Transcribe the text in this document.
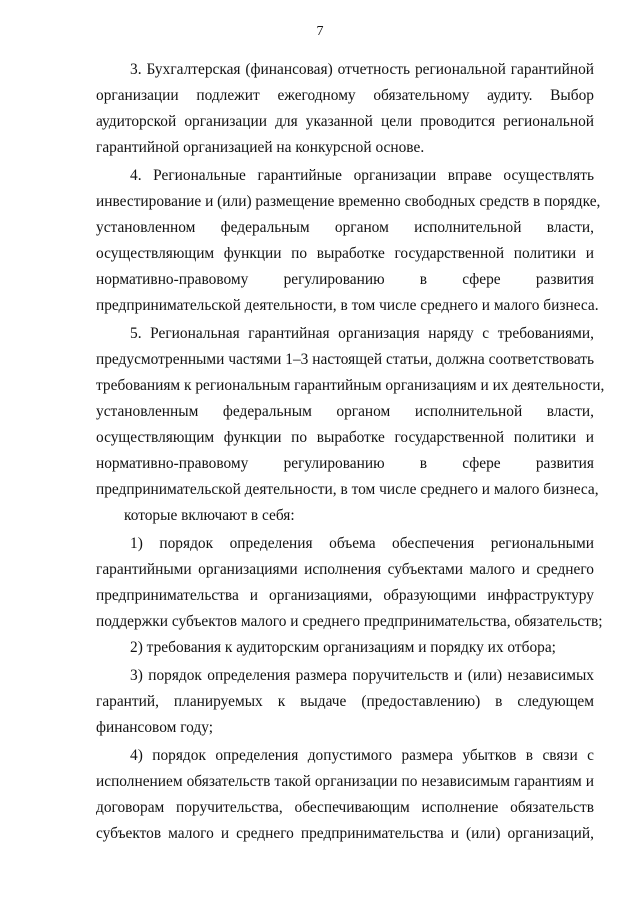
7
3. Бухгалтерская (финансовая) отчетность региональной гарантийной
организации подлежит ежегодному обязательному аудиту. Выбор
аудиторской организации для указанной цели проводится региональной
гарантийной организацией на конкурсной основе.
4. Региональные гарантийные организации вправе осуществлять
инвестирование и (или) размещение временно свободных средств в порядке,
установленном федеральным органом исполнительной власти,
осуществляющим функции по выработке государственной политики и
нормативно-правовому регулированию в сфере развития
предпринимательской деятельности, в том числе среднего и малого бизнеса.
5. Региональная гарантийная организация наряду с требованиями,
предусмотренными частями 1–3 настоящей статьи, должна соответствовать
требованиям к региональным гарантийным организациям и их деятельности,
установленным федеральным органом исполнительной власти,
осуществляющим функции по выработке государственной политики и
нормативно-правовому регулированию в сфере развития
предпринимательской деятельности, в том числе среднего и малого бизнеса,
которые включают в себя:
1) порядок определения объема обеспечения региональными
гарантийными организациями исполнения субъектами малого и среднего
предпринимательства и организациями, образующими инфраструктуру
поддержки субъектов малого и среднего предпринимательства, обязательств;
2) требования к аудиторским организациям и порядку их отбора;
3) порядок определения размера поручительств и (или) независимых
гарантий, планируемых к выдаче (предоставлению) в следующем
финансовом году;
4) порядок определения допустимого размера убытков в связи с
исполнением обязательств такой организации по независимым гарантиям и
договорам поручительства, обеспечивающим исполнение обязательств
субъектов малого и среднего предпринимательства и (или) организаций,
